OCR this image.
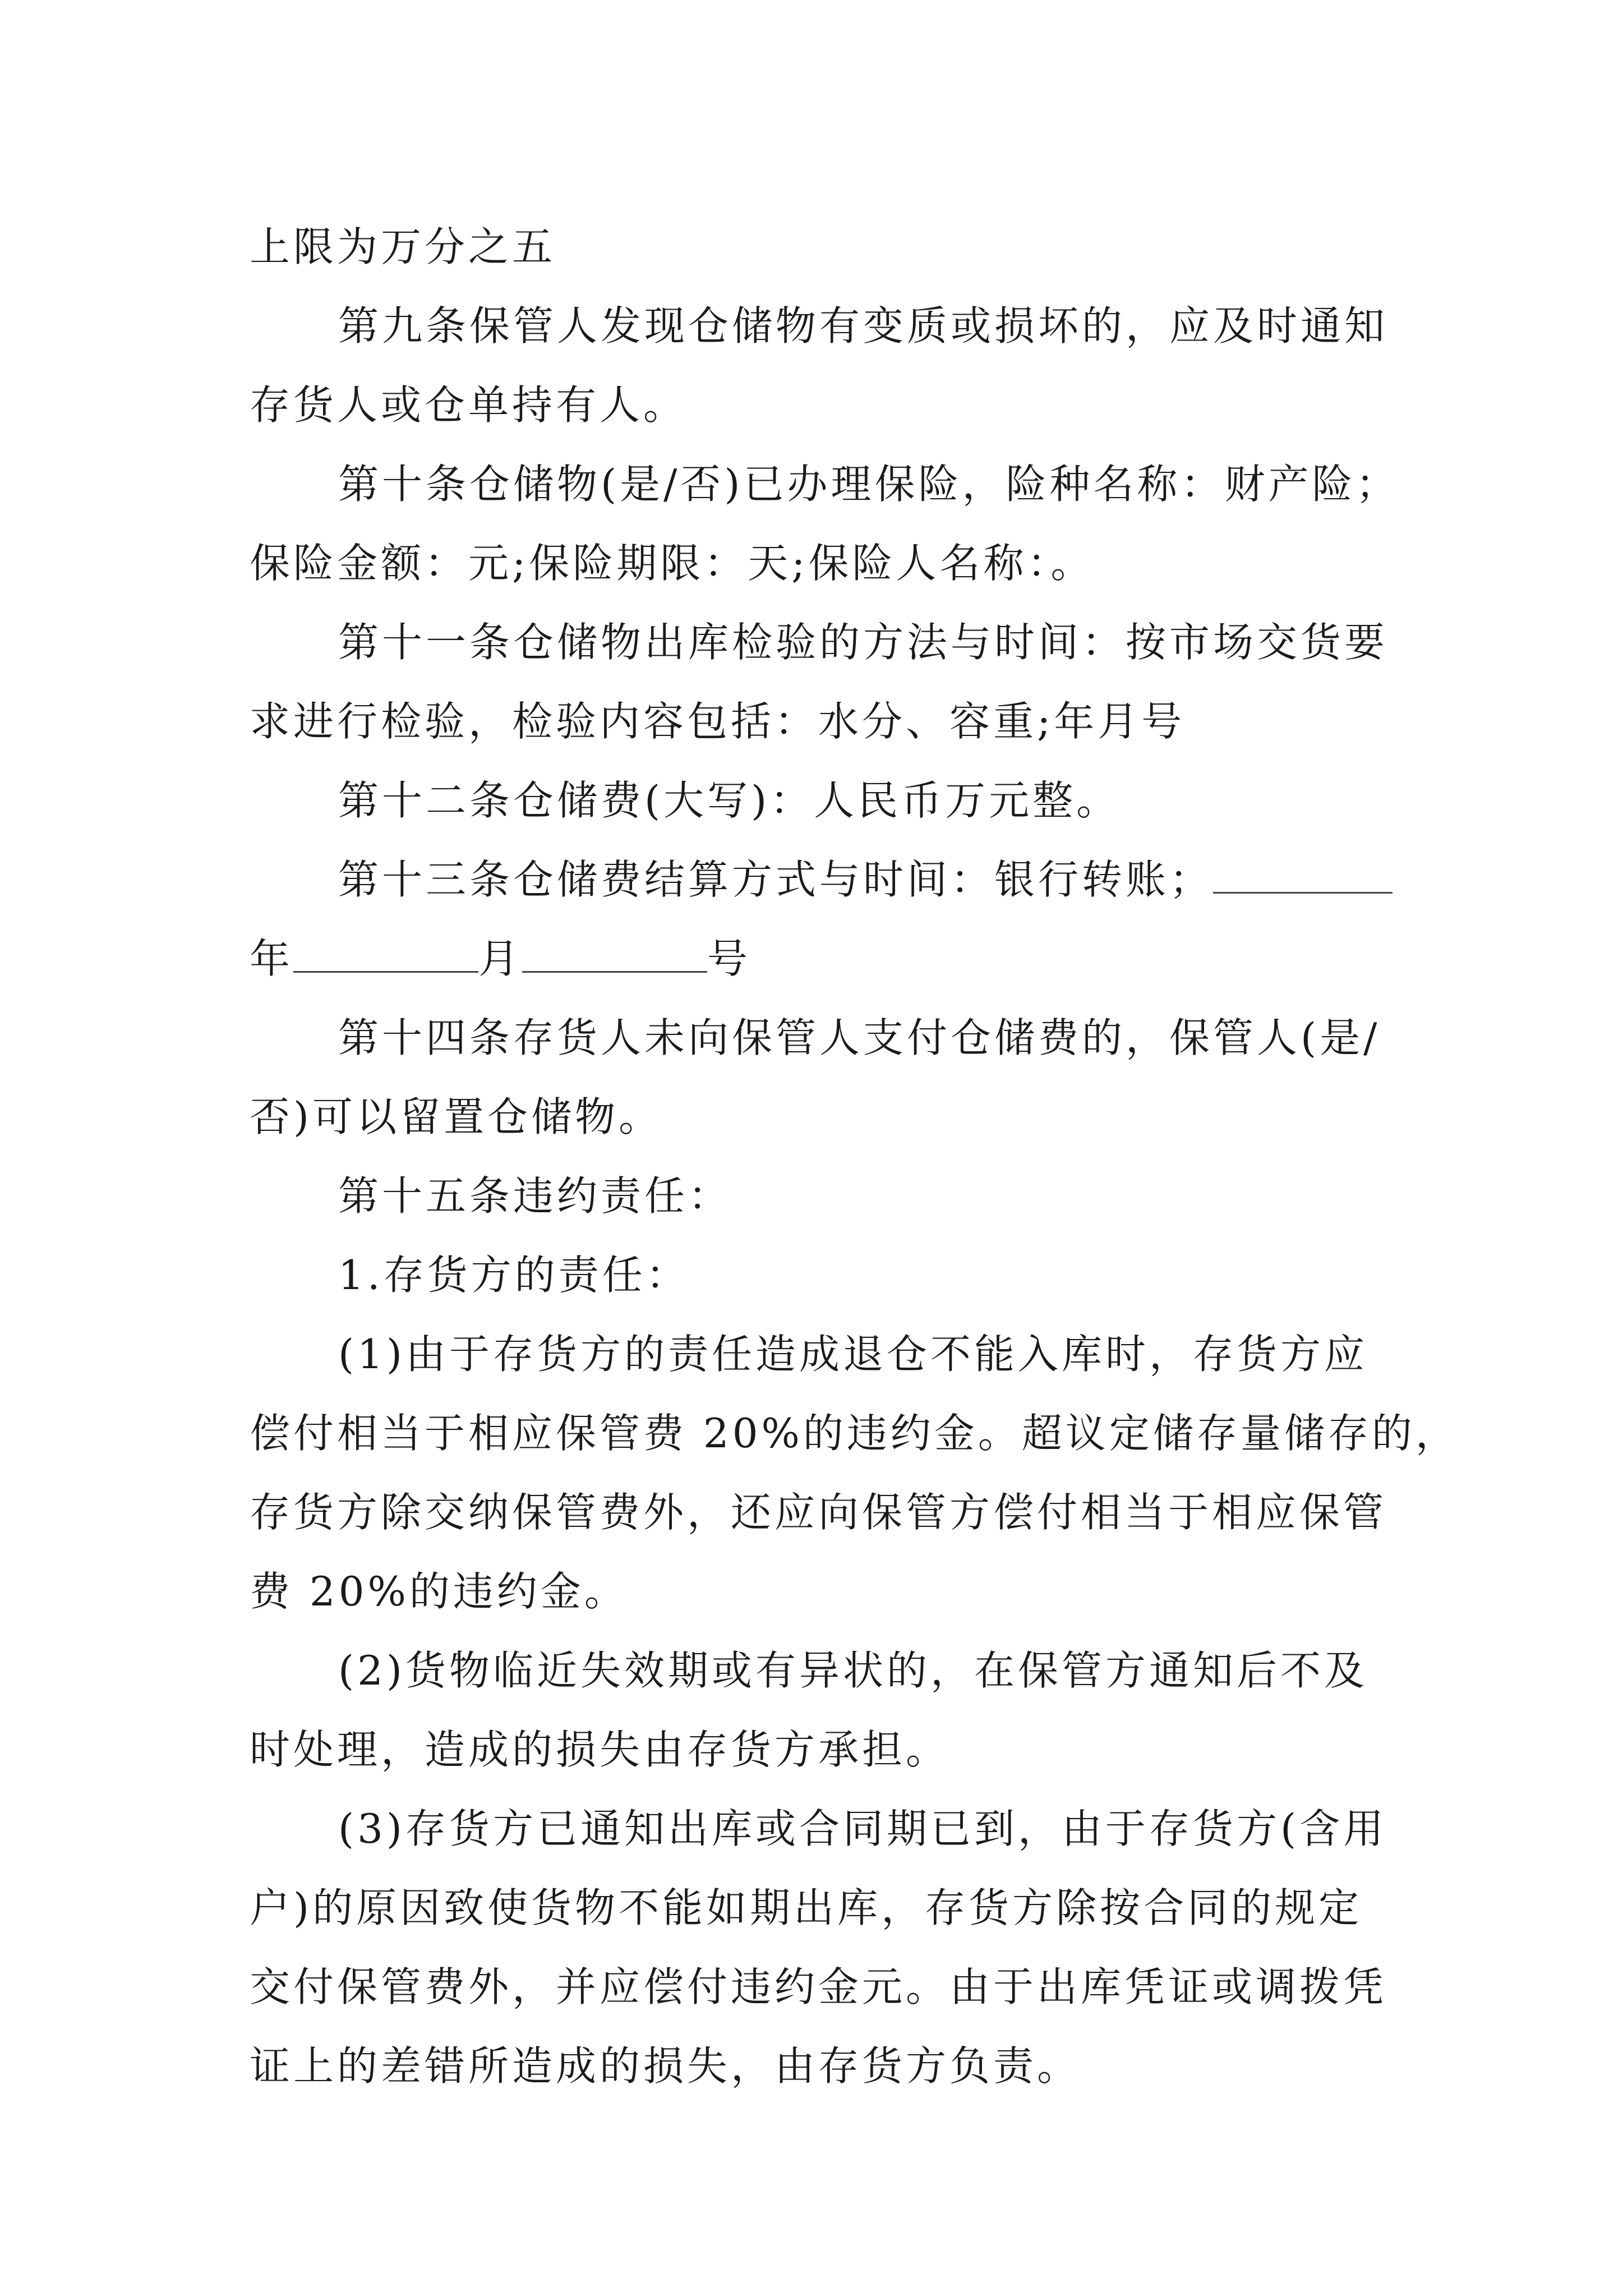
上限为万分之五
第九条保管人发现仓储物有变质或损坏的，应及时通知
存货人或仓单持有人。
第十条仓储物(是/否)已办理保险，险种名称：财产险；
保险金额：元;保险期限：天;保险人名称：。
第十一条仓储物出库检验的方法与时间：按市场交货要
求进行检验，检验内容包括：水分、容重;年月号
第十二条仓储费(大写)：人民币万元整。
第十三条仓储费结算方式与时间：银行转账；
年	月	号
第十四条存货人未向保管人支付仓储费的，保管人(是/
否)可以留置仓储物。
第十五条违约责任：
1.存货方的责任：
(1)由于存货方的责任造成退仓不能入库时，存货方应
偿付相当于相应保管费 20%的违约金。超议定储存量储存的，
存货方除交纳保管费外，还应向保管方偿付相当于相应保管
费 20%的违约金。
(2)货物临近失效期或有异状的，在保管方通知后不及
时处理，造成的损失由存货方承担。
(3)存货方已通知出库或合同期已到，由于存货方(含用
户)的原因致使货物不能如期出库，存货方除按合同的规定
交付保管费外，并应偿付违约金元。由于出库凭证或调拨凭
证上的差错所造成的损失，由存货方负责。
